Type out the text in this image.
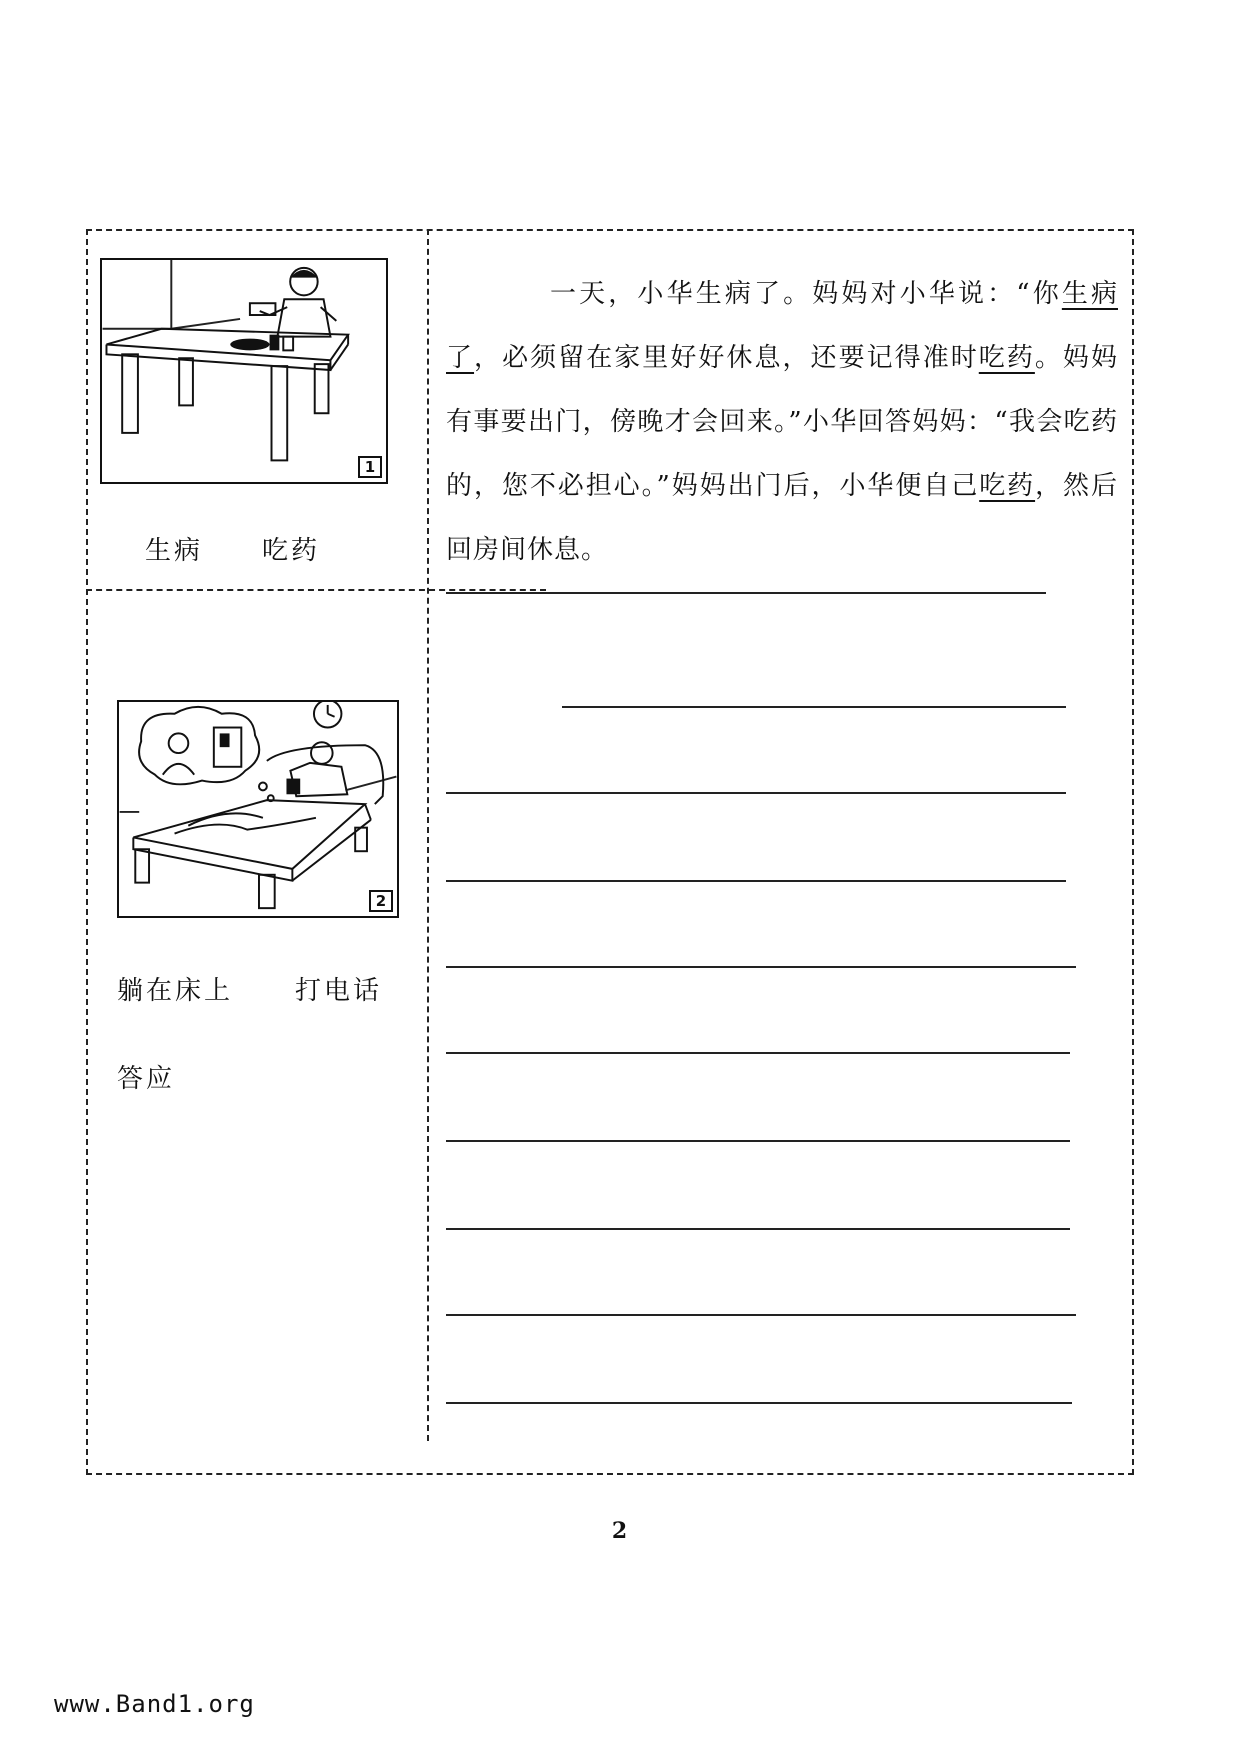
1
生病 吃药
2
躺在床上 打电话
答应

一天，小华生病了。妈妈对小华说：“你生病了，必须留在家里好好休息，还要记得准时吃药。妈妈有事要出门，傍晚才会回来。”小华回答妈妈：“我会吃药的，您不必担心。”妈妈出门后，小华便自己吃药，然后回房间休息。

2
www.Band1.org
